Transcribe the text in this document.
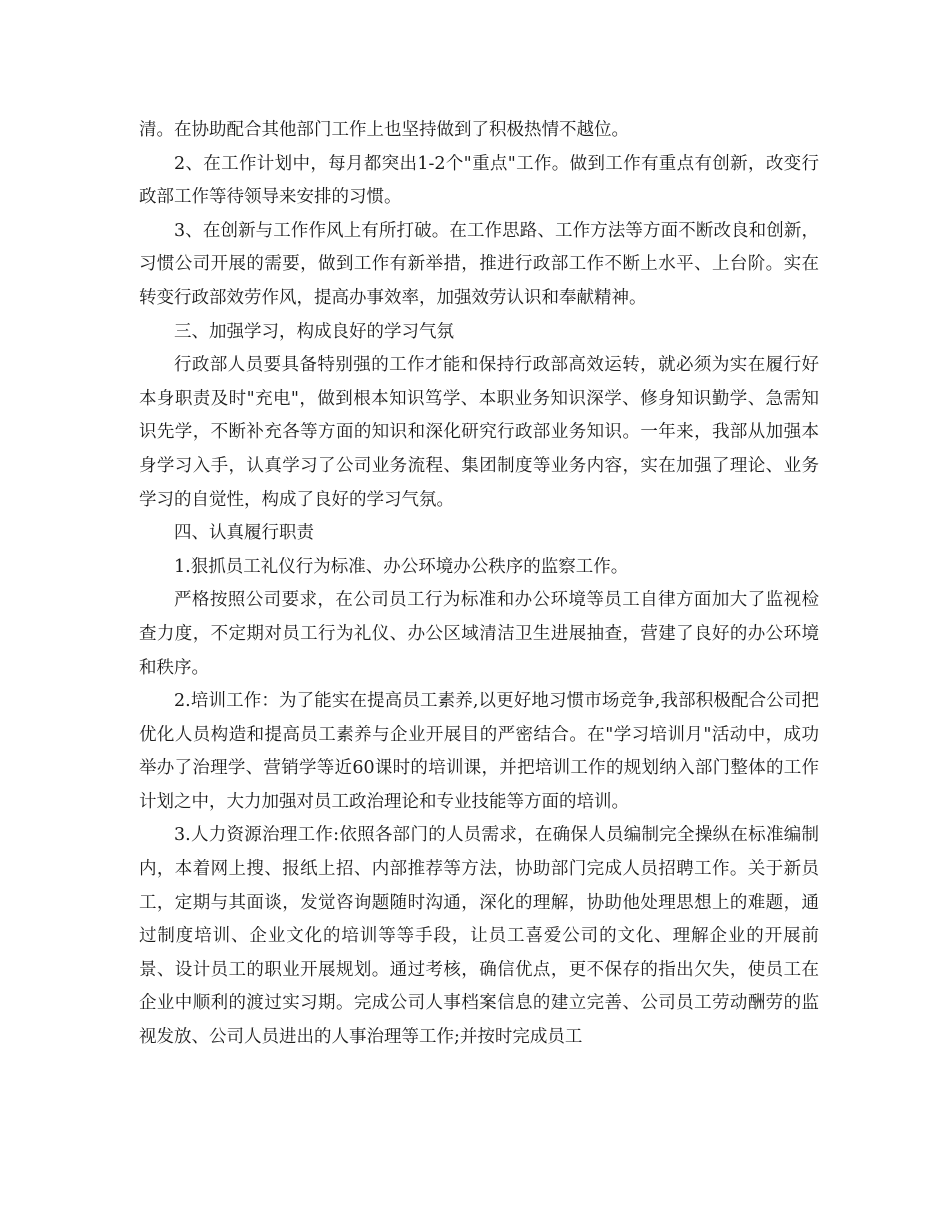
清。在协助配合其他部门工作上也坚持做到了积极热情不越位。

2、在工作计划中，每月都突出1-2个"重点"工作。做到工作有重点有创新，改变行政部工作等待领导来安排的习惯。

3、在创新与工作作风上有所打破。在工作思路、工作方法等方面不断改良和创新，习惯公司开展的需要，做到工作有新举措，推进行政部工作不断上水平、上台阶。实在转变行政部效劳作风，提高办事效率，加强效劳认识和奉献精神。

三、加强学习，构成良好的学习气氛

行政部人员要具备特别强的工作才能和保持行政部高效运转，就必须为实在履行好本身职责及时"充电"，做到根本知识笃学、本职业务知识深学、修身知识勤学、急需知识先学，不断补充各等方面的知识和深化研究行政部业务知识。一年来，我部从加强本身学习入手，认真学习了公司业务流程、集团制度等业务内容，实在加强了理论、业务学习的自觉性，构成了良好的学习气氛。

四、认真履行职责

1.狠抓员工礼仪行为标准、办公环境办公秩序的监察工作。

严格按照公司要求，在公司员工行为标准和办公环境等员工自律方面加大了监视检查力度，不定期对员工行为礼仪、办公区域清洁卫生进展抽查，营建了良好的办公环境和秩序。

2.培训工作：为了能实在提高员工素养,以更好地习惯市场竞争,我部积极配合公司把优化人员构造和提高员工素养与企业开展目的严密结合。在"学习培训月"活动中，成功举办了治理学、营销学等近60课时的培训课，并把培训工作的规划纳入部门整体的工作计划之中，大力加强对员工政治理论和专业技能等方面的培训。

3.人力资源治理工作:依照各部门的人员需求，在确保人员编制完全操纵在标准编制内，本着网上搜、报纸上招、内部推荐等方法，协助部门完成人员招聘工作。关于新员工，定期与其面谈，发觉咨询题随时沟通，深化的理解，协助他处理思想上的难题，通过制度培训、企业文化的培训等等手段，让员工喜爱公司的文化、理解企业的开展前景、设计员工的职业开展规划。通过考核，确信优点，更不保存的指出欠失，使员工在企业中顺利的渡过实习期。完成公司人事档案信息的建立完善、公司员工劳动酬劳的监视发放、公司人员进出的人事治理等工作;并按时完成员工
